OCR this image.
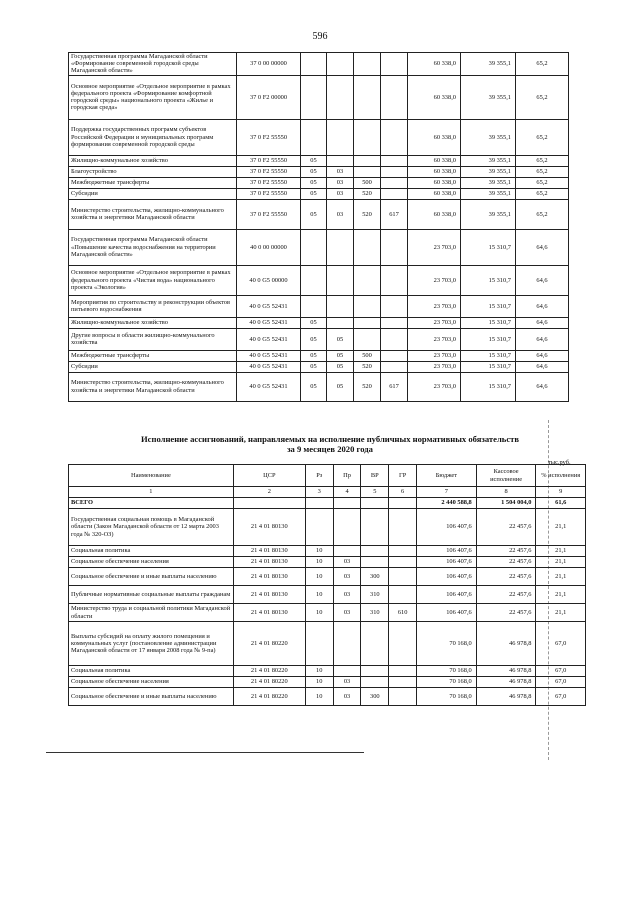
596
Государственная программа Магаданской области «Формирование современной городской среды Магаданской области»	37 0 00 00000					60 338,0	39 355,1	65,2
Основное мероприятие «Отдельное мероприятие в рамках федерального проекта «Формирование комфортной городской среды» национального проекта «Жилье и городская среда»	37 0 F2 00000					60 338,0	39 355,1	65,2
Поддержка государственных программ субъектов Российской Федерации и муниципальных программ формирования современной городской среды	37 0 F2 55550					60 338,0	39 355,1	65,2
Жилищно-коммунальное хозяйство	37 0 F2 55550	05				60 338,0	39 355,1	65,2
Благоустройство	37 0 F2 55550	05	03			60 338,0	39 355,1	65,2
Межбюджетные трансферты	37 0 F2 55550	05	03	500		60 338,0	39 355,1	65,2
Субсидии	37 0 F2 55550	05	03	520		60 338,0	39 355,1	65,2
Министерство строительства, жилищно-коммунального хозяйства и энергетики Магаданской области	37 0 F2 55550	05	03	520	617	60 338,0	39 355,1	65,2
Государственная программа Магаданской области «Повышение качества водоснабжения на территории Магаданской области»	40 0 00 00000					23 703,0	15 310,7	64,6
Основное мероприятие «Отдельное мероприятие в рамках федерального проекта «Чистая вода» национального проекта «Экология»	40 0 G5 00000					23 703,0	15 310,7	64,6
Мероприятия по строительству и реконструкции объектов питьевого водоснабжения	40 0 G5 52431					23 703,0	15 310,7	64,6
Жилищно-коммунальное хозяйство	40 0 G5 52431	05				23 703,0	15 310,7	64,6
Другие вопросы в области жилищно-коммунального хозяйства	40 0 G5 52431	05	05			23 703,0	15 310,7	64,6
Межбюджетные трансферты	40 0 G5 52431	05	05	500		23 703,0	15 310,7	64,6
Субсидии	40 0 G5 52431	05	05	520		23 703,0	15 310,7	64,6
Министерство строительства, жилищно-коммунального хозяйства и энергетики Магаданской области	40 0 G5 52431	05	05	520	617	23 703,0	15 310,7	64,6
Исполнение ассигнований, направляемых на исполнение публичных нормативных обязательств
за 9 месяцев 2020 года
тыс.руб.
Наименование	ЦСР	Рз	Пр	ВР	ГР	Бюджет	Кассовое исполнение	% исполнения
1	2	3	4	5	6	7	8	9
ВСЕГО						2 440 588,8	1 504 004,0	61,6
Государственная социальная помощь в Магаданской области (Закон Магаданской области от 12 марта 2003 года № 320-ОЗ)	21 4 01 80130					106 407,6	22 457,6	21,1
Социальная политика	21 4 01 80130	10				106 407,6	22 457,6	21,1
Социальное обеспечение населения	21 4 01 80130	10	03			106 407,6	22 457,6	21,1
Социальное обеспечение и иные выплаты населению	21 4 01 80130	10	03	300		106 407,6	22 457,6	21,1
Публичные нормативные социальные выплаты гражданам	21 4 01 80130	10	03	310		106 407,6	22 457,6	21,1
Министерство труда и социальной политики Магаданской области	21 4 01 80130	10	03	310	610	106 407,6	22 457,6	21,1
Выплаты субсидий на оплату жилого помещения и коммунальных услуг (постановление администрации Магаданской области от 17 января 2008 года № 9-па)	21 4 01 80220					70 168,0	46 978,8	67,0
Социальная политика	21 4 01 80220	10				70 168,0	46 978,8	67,0
Социальное обеспечение населения	21 4 01 80220	10	03			70 168,0	46 978,8	67,0
Социальное обеспечение и иные выплаты населению	21 4 01 80220	10	03	300		70 168,0	46 978,8	67,0
